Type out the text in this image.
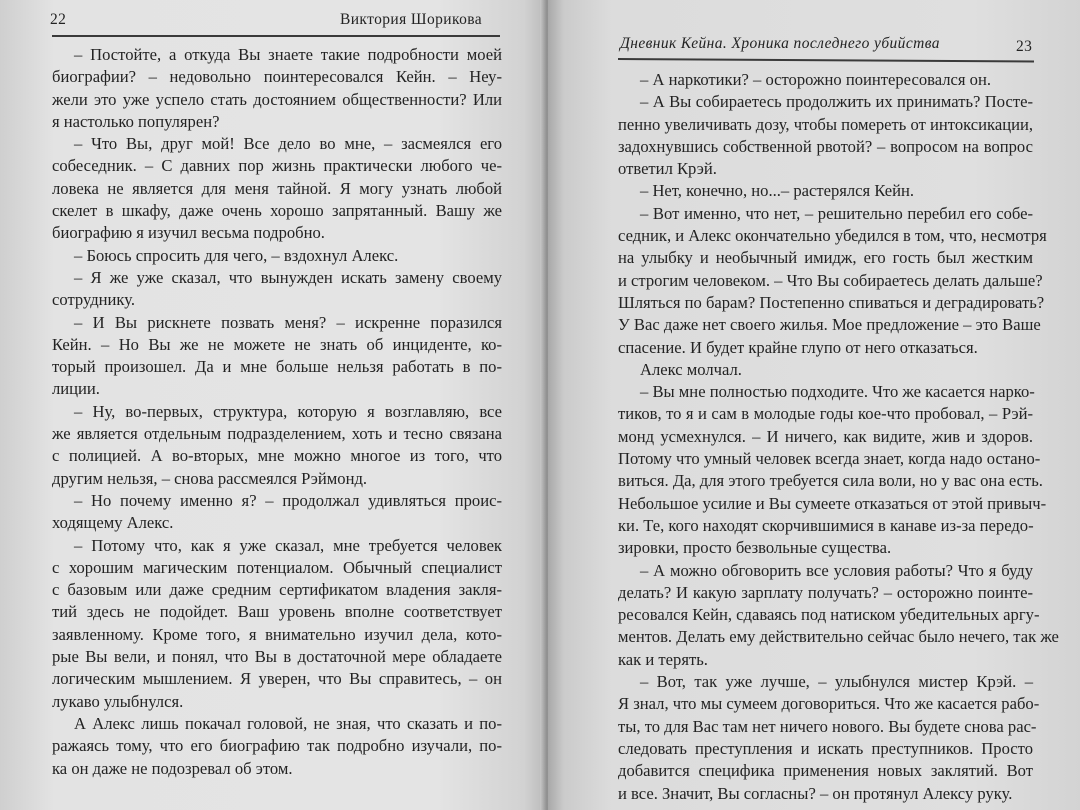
22	Виктория Шорикова
– Постойте, а откуда Вы знаете такие подробности моей
биографии? – недовольно поинтересовался Кейн. – Неу-
жели это уже успело стать достоянием общественности? Или
я настолько популярен?
– Что Вы, друг мой! Все дело во мне, – засмеялся его
собеседник. – С давних пор жизнь практически любого че-
ловека не является для меня тайной. Я могу узнать любой
скелет в шкафу, даже очень хорошо запрятанный. Вашу же
биографию я изучил весьма подробно.
– Боюсь спросить для чего, – вздохнул Алекс.
– Я же уже сказал, что вынужден искать замену своему
сотруднику.
– И Вы рискнете позвать меня? – искренне поразился
Кейн. – Но Вы же не можете не знать об инциденте, ко-
торый произошел. Да и мне больше нельзя работать в по-
лиции.
– Ну, во-первых, структура, которую я возглавляю, все
же является отдельным подразделением, хоть и тесно связана
с полицией. А во-вторых, мне можно многое из того, что
другим нельзя, – снова рассмеялся Рэймонд.
– Но почему именно я? – продолжал удивляться проис-
ходящему Алекс.
– Потому что, как я уже сказал, мне требуется человек
с хорошим магическим потенциалом. Обычный специалист
с базовым или даже средним сертификатом владения закля-
тий здесь не подойдет. Ваш уровень вполне соответствует
заявленному. Кроме того, я внимательно изучил дела, кото-
рые Вы вели, и понял, что Вы в достаточной мере обладаете
логическим мышлением. Я уверен, что Вы справитесь, – он
лукаво улыбнулся.
А Алекс лишь покачал головой, не зная, что сказать и по-
ражаясь тому, что его биографию так подробно изучали, по-
ка он даже не подозревал об этом.
Дневник Кейна. Хроника последнего убийства	23
– А наркотики? – осторожно поинтересовался он.
– А Вы собираетесь продолжить их принимать? Посте-
пенно увеличивать дозу, чтобы помереть от интоксикации,
задохнувшись собственной рвотой? – вопросом на вопрос
ответил Крэй.
– Нет, конечно, но...– растерялся Кейн.
– Вот именно, что нет, – решительно перебил его собе-
седник, и Алекс окончательно убедился в том, что, несмотря
на улыбку и необычный имидж, его гость был жестким
и строгим человеком. – Что Вы собираетесь делать дальше?
Шляться по барам? Постепенно спиваться и деградировать?
У Вас даже нет своего жилья. Мое предложение – это Ваше
спасение. И будет крайне глупо от него отказаться.
Алекс молчал.
– Вы мне полностью подходите. Что же касается нарко-
тиков, то я и сам в молодые годы кое-что пробовал, – Рэй-
монд усмехнулся. – И ничего, как видите, жив и здоров.
Потому что умный человек всегда знает, когда надо остано-
виться. Да, для этого требуется сила воли, но у вас она есть.
Небольшое усилие и Вы сумеете отказаться от этой привыч-
ки. Те, кого находят скорчившимися в канаве из-за передо-
зировки, просто безвольные существа.
– А можно обговорить все условия работы? Что я буду
делать? И какую зарплату получать? – осторожно поинте-
ресовался Кейн, сдаваясь под натиском убедительных аргу-
ментов. Делать ему действительно сейчас было нечего, так же
как и терять.
– Вот, так уже лучше, – улыбнулся мистер Крэй. –
Я знал, что мы сумеем договориться. Что же касается рабо-
ты, то для Вас там нет ничего нового. Вы будете снова рас-
следовать преступления и искать преступников. Просто
добавится специфика применения новых заклятий. Вот
и все. Значит, Вы согласны? – он протянул Алексу руку.
